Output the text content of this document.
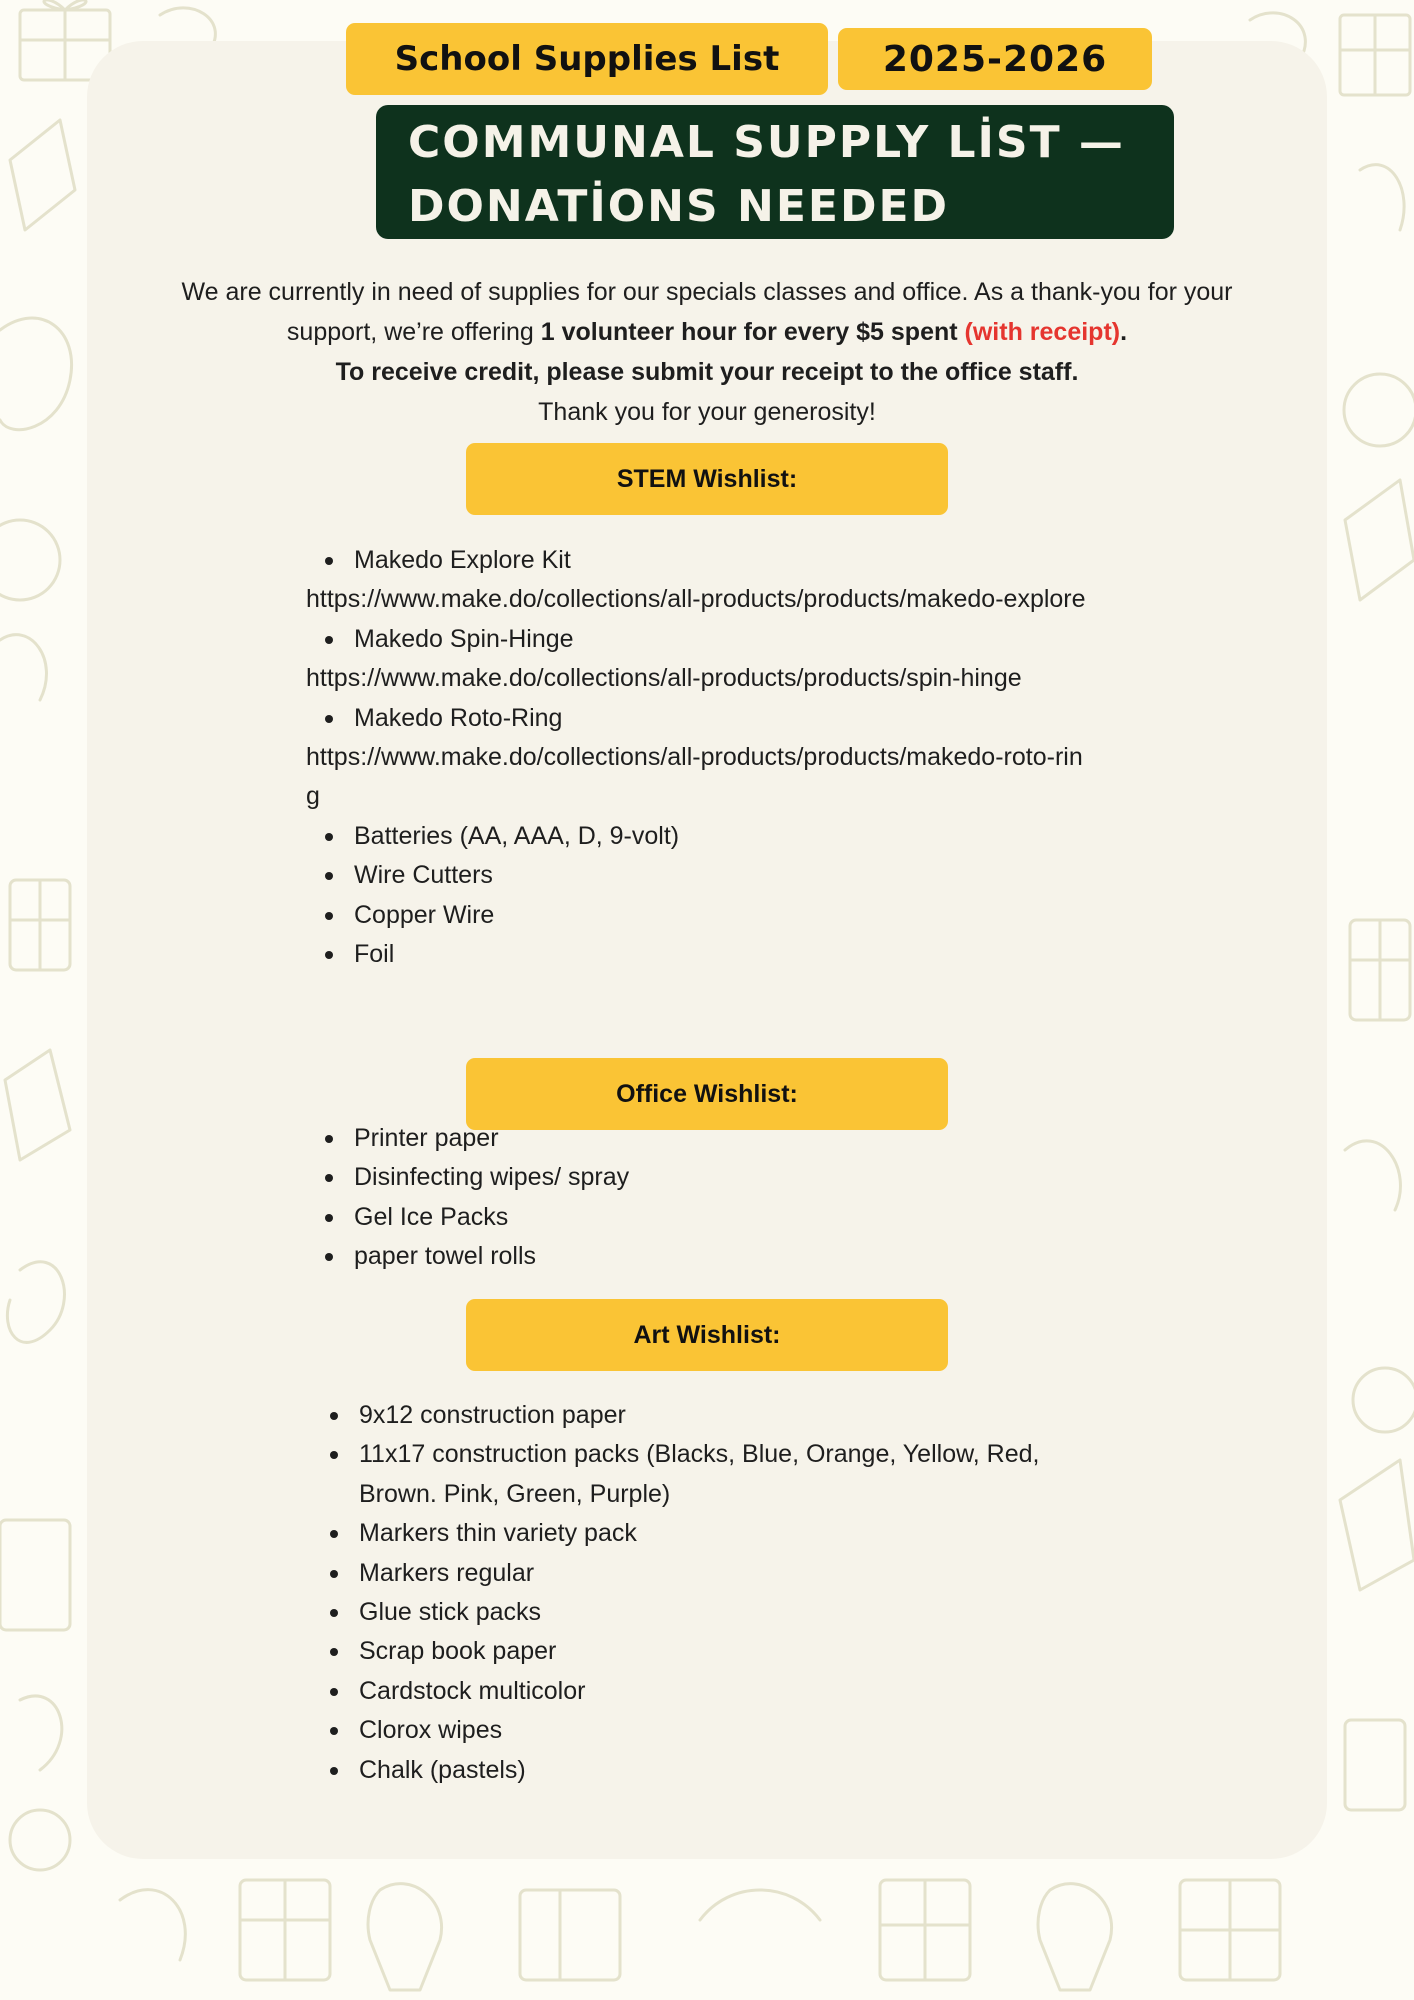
School Supplies List	2025-2026
COMMUNAL SUPPLY LİST —
DONATİONS NEEDED
We are currently in need of supplies for our specials classes and office. As a thank-you for your support, we’re offering 1 volunteer hour for every $5 spent (with receipt).
To receive credit, please submit your receipt to the office staff.
Thank you for your generosity!
STEM Wishlist:
Makedo Explore Kit
https://www.make.do/collections/all-products/products/makedo-explore
Makedo Spin-Hinge
https://www.make.do/collections/all-products/products/spin-hinge
Makedo Roto-Ring
https://www.make.do/collections/all-products/products/makedo-roto-ring
Batteries (AA, AAA, D, 9-volt)
Wire Cutters
Copper Wire
Foil
Office Wishlist:
Printer paper
Disinfecting wipes/ spray
Gel Ice Packs
paper towel rolls
Art Wishlist:
9x12 construction paper
11x17 construction packs (Blacks, Blue, Orange, Yellow, Red, Brown. Pink, Green, Purple)
Markers thin variety pack
Markers regular
Glue stick packs
Scrap book paper
Cardstock multicolor
Clorox wipes
Chalk (pastels)
